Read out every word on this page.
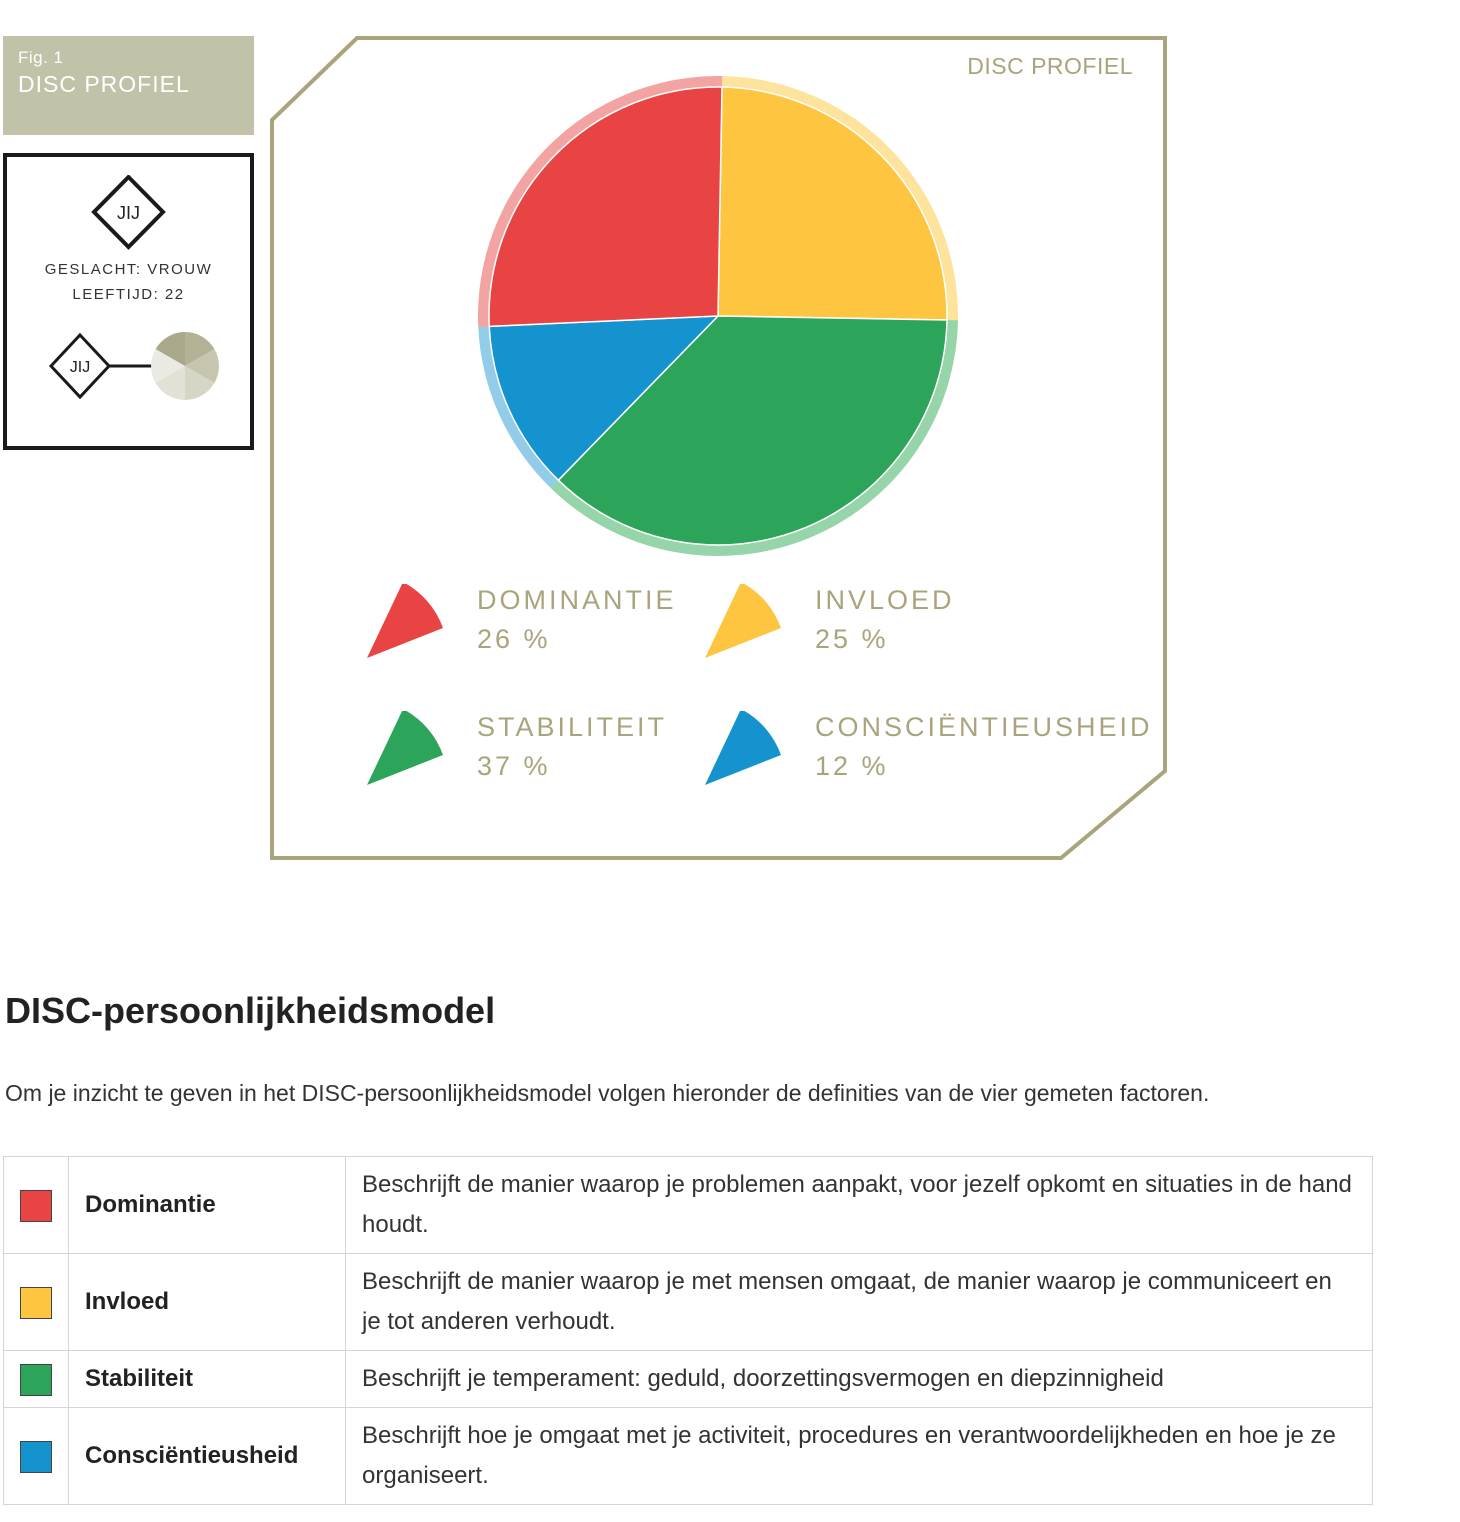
Fig. 1
DISC PROFIEL
JIJ
GESLACHT: VROUW
LEEFTIJD: 22
JIJ
DISC PROFIEL
DOMINANTIE
26 %
INVLOED
25 %
STABILITEIT
37 %
CONSCIËNTIEUSHEID
12 %
DISC-persoonlijkheidsmodel

Om je inzicht te geven in het DISC-persoonlijkheidsmodel volgen hieronder de definities van de vier gemeten factoren.

	Dominantie	Beschrijft de manier waarop je problemen aanpakt, voor jezelf opkomt en situaties in de hand houdt.
	Invloed	Beschrijft de manier waarop je met mensen omgaat, de manier waarop je communiceert en je tot anderen verhoudt.
	Stabiliteit	Beschrijft je temperament: geduld, doorzettingsvermogen en diepzinnigheid
	Consciëntieusheid	Beschrijft hoe je omgaat met je activiteit, procedures en verantwoordelijkheden en hoe je ze organiseert.
